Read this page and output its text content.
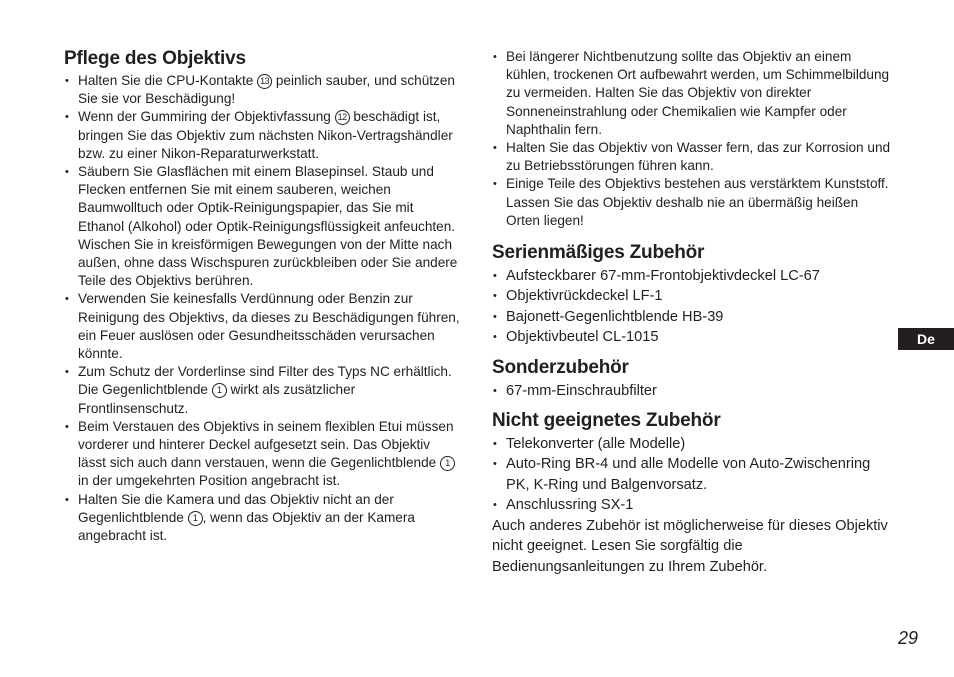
Pflege des Objektivs
• Halten Sie die CPU-Kontakte 13 peinlich sauber, und schützen Sie sie vor Beschädigung!
• Wenn der Gummiring der Objektivfassung 12 beschädigt ist, bringen Sie das Objektiv zum nächsten Nikon-Vertragshändler bzw. zu einer Nikon-Reparaturwerkstatt.
• Säubern Sie Glasflächen mit einem Blasepinsel. Staub und Flecken entfernen Sie mit einem sauberen, weichen Baumwolltuch oder Optik-Reinigungspapier, das Sie mit Ethanol (Alkohol) oder Optik-Reinigungsflüssigkeit anfeuchten. Wischen Sie in kreisförmigen Bewegungen von der Mitte nach außen, ohne dass Wischspuren zurückbleiben oder Sie andere Teile des Objektivs berühren.
• Verwenden Sie keinesfalls Verdünnung oder Benzin zur Reinigung des Objektivs, da dieses zu Beschädigungen führen, ein Feuer auslösen oder Gesundheitsschäden verursachen könnte.
• Zum Schutz der Vorderlinse sind Filter des Typs NC erhältlich. Die Gegenlichtblende 1 wirkt als zusätzlicher Frontlinsenschutz.
• Beim Verstauen des Objektivs in seinem flexiblen Etui müssen vorderer und hinterer Deckel aufgesetzt sein. Das Objektiv lässt sich auch dann verstauen, wenn die Gegenlichtblende 1 in der umgekehrten Position angebracht ist.
• Halten Sie die Kamera und das Objektiv nicht an der Gegenlichtblende 1 , wenn das Objektiv an der Kamera angebracht ist.
• Bei längerer Nichtbenutzung sollte das Objektiv an einem kühlen, trockenen Ort aufbewahrt werden, um Schimmelbildung zu vermeiden. Halten Sie das Objektiv von direkter Sonneneinstrahlung oder Chemikalien wie Kampfer oder Naphthalin fern.
• Halten Sie das Objektiv von Wasser fern, das zur Korrosion und zu Betriebsstörungen führen kann.
• Einige Teile des Objektivs bestehen aus verstärktem Kunststoff. Lassen Sie das Objektiv deshalb nie an übermäßig heißen Orten liegen!
Serienmäßiges Zubehör
• Aufsteckbarer 67-mm-Frontobjektivdeckel LC-67
• Objektivrückdeckel LF-1
• Bajonett-Gegenlichtblende HB-39
• Objektivbeutel CL-1015
Sonderzubehör
• 67-mm-Einschraubfilter
Nicht geeignetes Zubehör
• Telekonverter (alle Modelle)
• Auto-Ring BR-4 und alle Modelle von Auto-Zwischenring PK, K-Ring und Balgenvorsatz.
• Anschlussring SX-1
Auch anderes Zubehör ist möglicherweise für dieses Objektiv nicht geeignet. Lesen Sie sorgfältig die Bedienungsanleitungen zu Ihrem Zubehör.
De
29
